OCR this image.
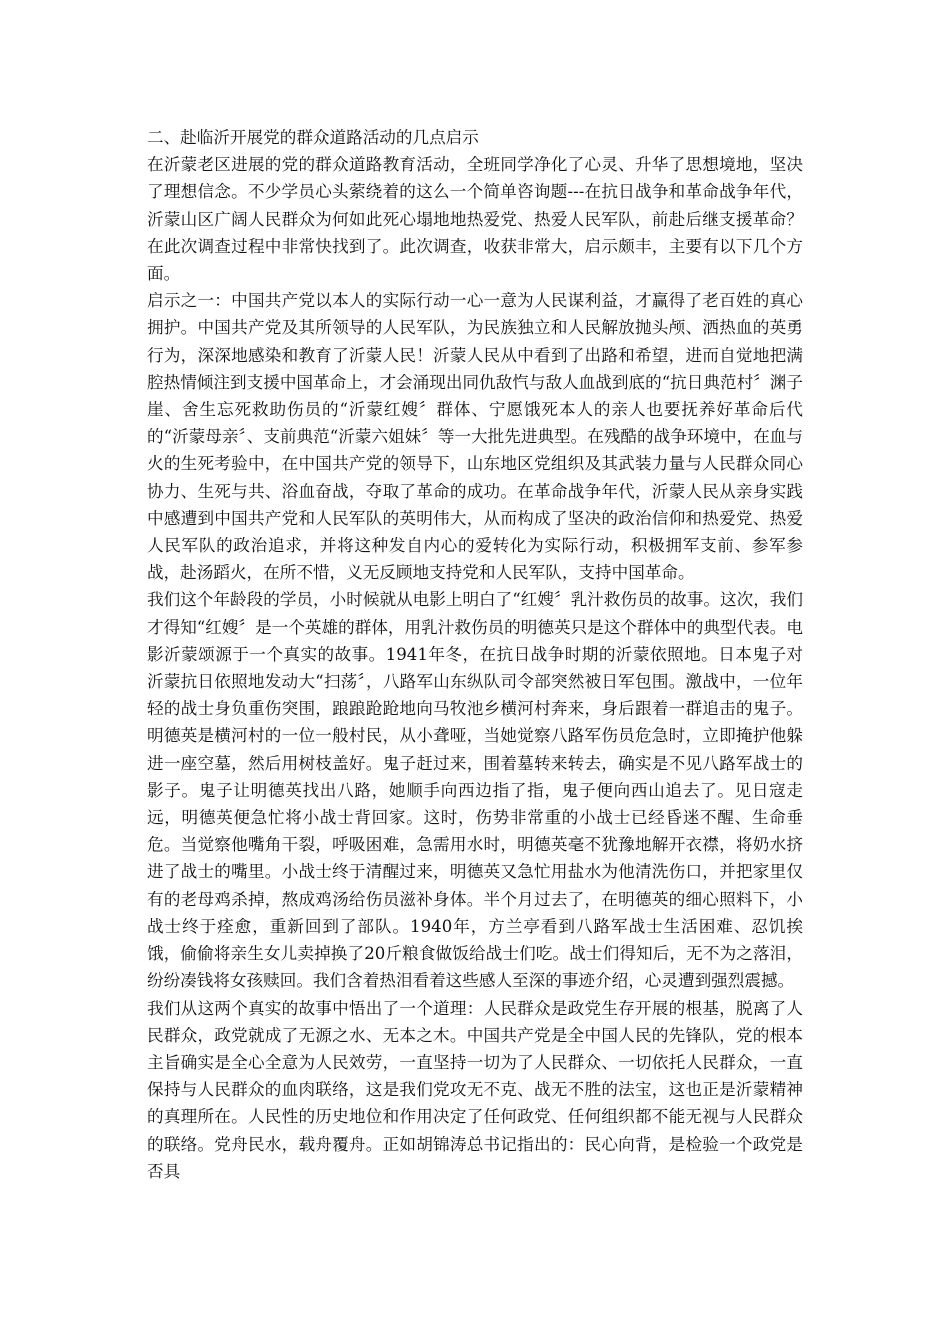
二、赴临沂开展党的群众道路活动的几点启示

在沂蒙老区进展的党的群众道路教育活动，全班同学净化了心灵、升华了思想境地，坚决了理想信念。不少学员心头萦绕着的这么一个简单咨询题---在抗日战争和革命战争年代，沂蒙山区广阔人民群众为何如此死心塌地地热爱党、热爱人民军队，前赴后继支援革命？在此次调查过程中非常快找到了。此次调查，收获非常大，启示颇丰，主要有以下几个方面。

启示之一：中国共产党以本人的实际行动一心一意为人民谋利益，才赢得了老百姓的真心拥护。中国共产党及其所领导的人民军队，为民族独立和人民解放抛头颅、洒热血的英勇行为，深深地感染和教育了沂蒙人民！沂蒙人民从中看到了出路和希望，进而自觉地把满腔热情倾注到支援中国革命上，才会涌现出同仇敌忾与敌人血战到底的“抗日典范村〞渊子崖、舍生忘死救助伤员的“沂蒙红嫂〞群体、宁愿饿死本人的亲人也要抚养好革命后代的“沂蒙母亲〞、支前典范“沂蒙六姐妹〞等一大批先进典型。在残酷的战争环境中，在血与火的生死考验中，在中国共产党的领导下，山东地区党组织及其武装力量与人民群众同心协力、生死与共、浴血奋战，夺取了革命的成功。在革命战争年代，沂蒙人民从亲身实践中感遭到中国共产党和人民军队的英明伟大，从而构成了坚决的政治信仰和热爱党、热爱人民军队的政治追求，并将这种发自内心的爱转化为实际行动，积极拥军支前、参军参战，赴汤蹈火，在所不惜，义无反顾地支持党和人民军队，支持中国革命。

我们这个年龄段的学员，小时候就从电影上明白了“红嫂〞乳汁救伤员的故事。这次，我们才得知“红嫂〞是一个英雄的群体，用乳汁救伤员的明德英只是这个群体中的典型代表。电影沂蒙颂源于一个真实的故事。1941年冬，在抗日战争时期的沂蒙依照地。日本鬼子对沂蒙抗日依照地发动大“扫荡〞，八路军山东纵队司令部突然被日军包围。激战中，一位年轻的战士身负重伤突围，踉踉跄跄地向马牧池乡横河村奔来，身后跟着一群追击的鬼子。明德英是横河村的一位一般村民，从小聋哑，当她觉察八路军伤员危急时，立即掩护他躲进一座空墓，然后用树枝盖好。鬼子赶过来，围着墓转来转去，确实是不见八路军战士的影子。鬼子让明德英找出八路，她顺手向西边指了指，鬼子便向西山追去了。见日寇走远，明德英便急忙将小战士背回家。这时，伤势非常重的小战士已经昏迷不醒、生命垂危。当觉察他嘴角干裂，呼吸困难，急需用水时，明德英毫不犹豫地解开衣襟，将奶水挤进了战士的嘴里。小战士终于清醒过来，明德英又急忙用盐水为他清洗伤口，并把家里仅有的老母鸡杀掉，熬成鸡汤给伤员滋补身体。半个月过去了，在明德英的细心照料下，小战士终于痊愈，重新回到了部队。1940年，方兰亭看到八路军战士生活困难、忍饥挨饿，偷偷将亲生女儿卖掉换了20斤粮食做饭给战士们吃。战士们得知后，无不为之落泪，纷纷凑钱将女孩赎回。我们含着热泪看着这些感人至深的事迹介绍，心灵遭到强烈震撼。

我们从这两个真实的故事中悟出了一个道理：人民群众是政党生存开展的根基，脱离了人民群众，政党就成了无源之水、无本之木。中国共产党是全中国人民的先锋队，党的根本主旨确实是全心全意为人民效劳，一直坚持一切为了人民群众、一切依托人民群众，一直保持与人民群众的血肉联络，这是我们党攻无不克、战无不胜的法宝，这也正是沂蒙精神的真理所在。人民性的历史地位和作用决定了任何政党、任何组织都不能无视与人民群众的联络。党舟民水，载舟覆舟。正如胡锦涛总书记指出的：民心向背，是检验一个政党是否具
